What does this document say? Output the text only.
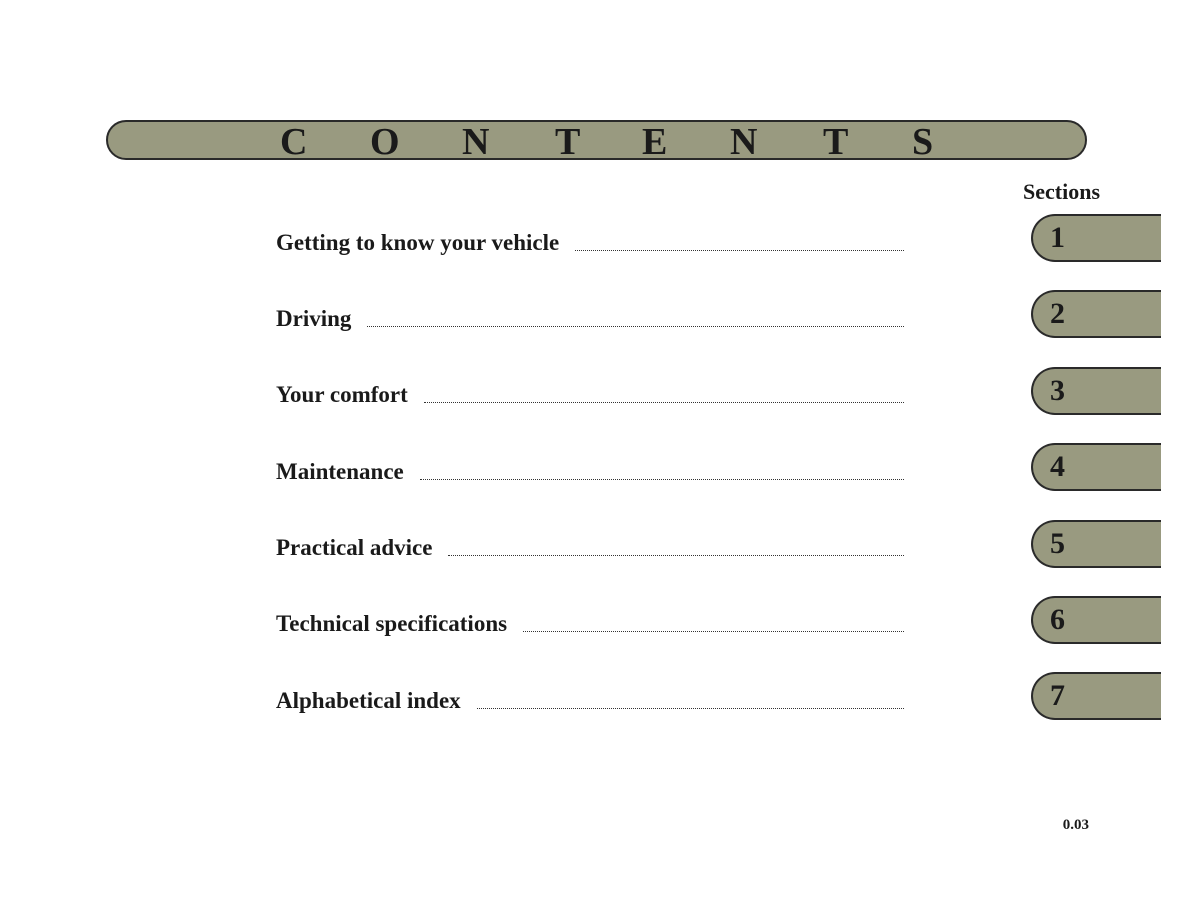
C O N T E N T S
Sections
Getting to know your vehicle
Driving
Your comfort
Maintenance
Practical advice
Technical specifications
Alphabetical index
1
2
3
4
5
6
7
0.03
